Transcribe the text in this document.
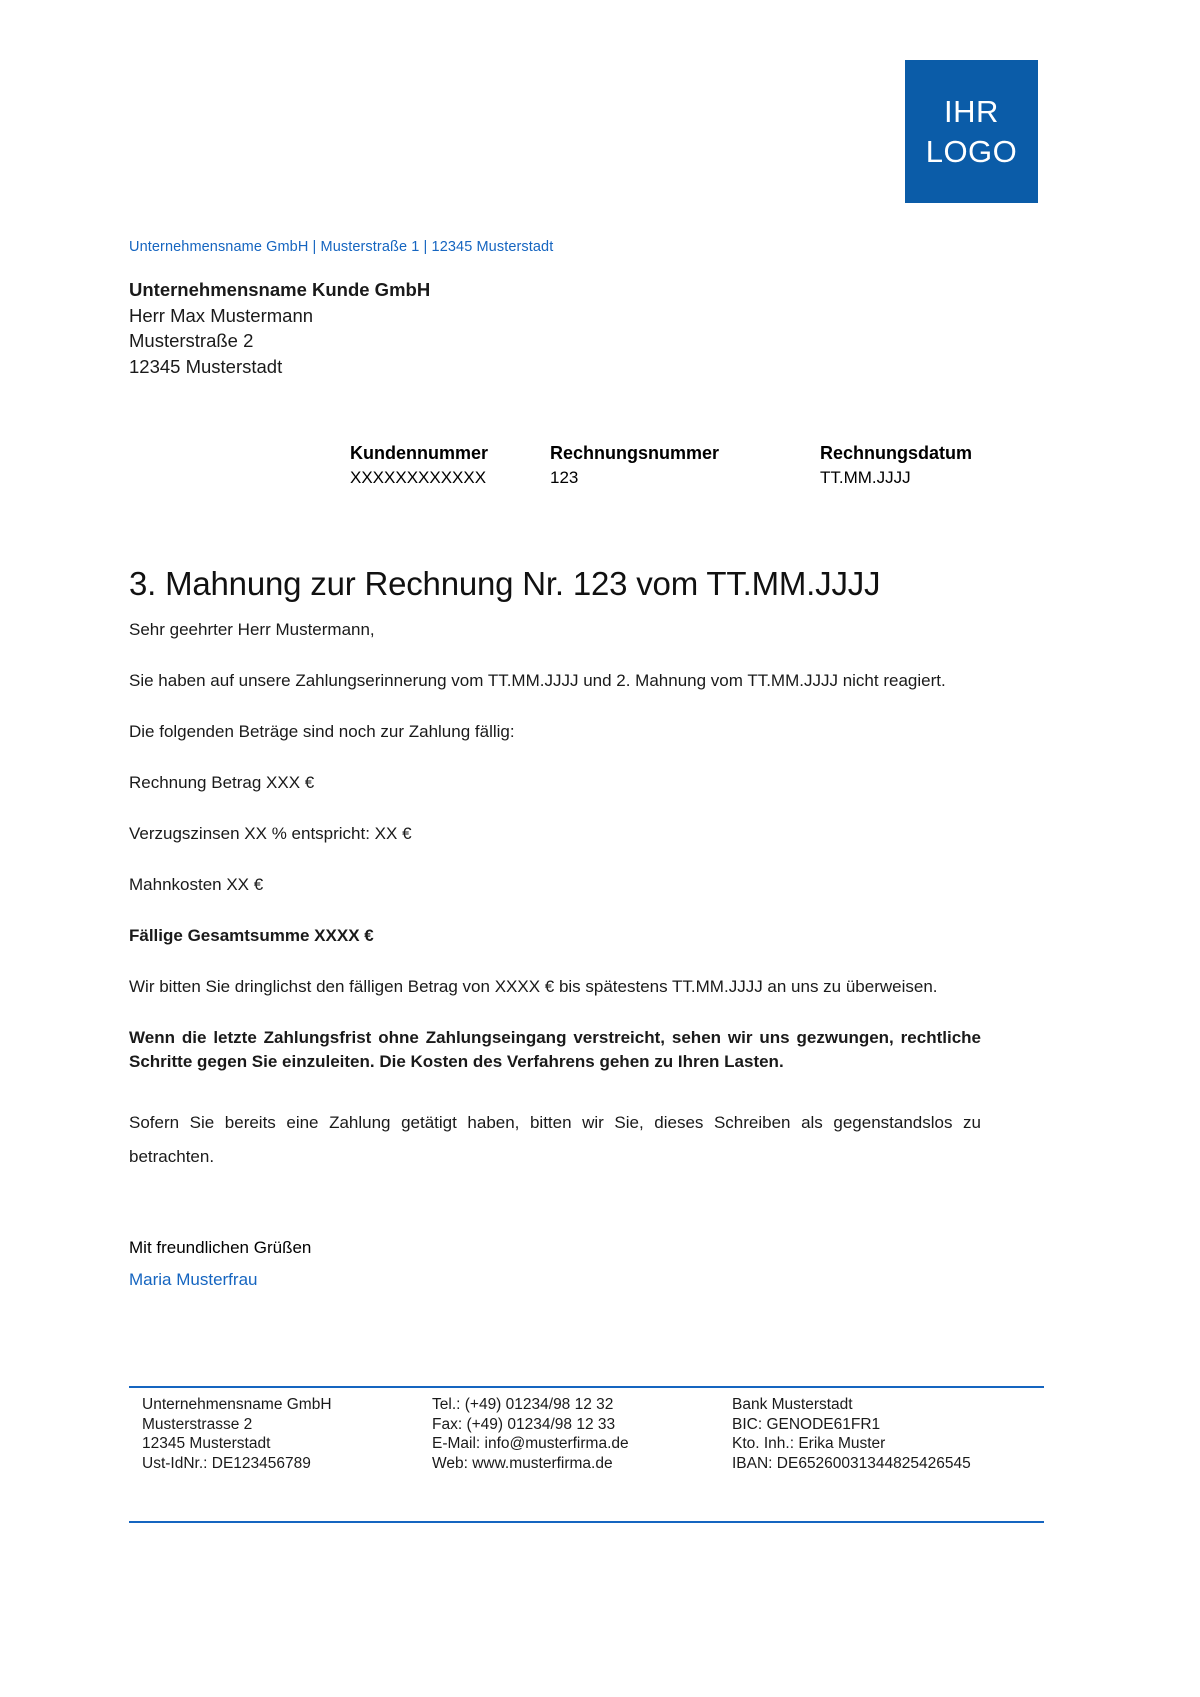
IHR
LOGO
Unternehmensname GmbH | Musterstraße 1 | 12345 Musterstadt
Unternehmensname Kunde GmbH
Herr Max Mustermann
Musterstraße 2
12345 Musterstadt
Kundennummer
XXXXXXXXXXXX
Rechnungsnummer
123
Rechnungsdatum
TT.MM.JJJJ
3. Mahnung zur Rechnung Nr. 123 vom TT.MM.JJJJ

Sehr geehrter Herr Mustermann,

Sie haben auf unsere Zahlungserinnerung vom TT.MM.JJJJ und 2. Mahnung vom TT.MM.JJJJ nicht reagiert.

Die folgenden Beträge sind noch zur Zahlung fällig:

Rechnung Betrag XXX €

Verzugszinsen XX % entspricht: XX €

Mahnkosten XX €

Fällige Gesamtsumme XXXX €

Wir bitten Sie dringlichst den fälligen Betrag von XXXX € bis spätestens TT.MM.JJJJ an uns zu überweisen.

Wenn die letzte Zahlungsfrist ohne Zahlungseingang verstreicht, sehen wir uns gezwungen, rechtliche Schritte gegen Sie einzuleiten. Die Kosten des Verfahrens gehen zu Ihren Lasten.

Sofern Sie bereits eine Zahlung getätigt haben, bitten wir Sie, dieses Schreiben als gegenstandslos zu betrachten.

Mit freundlichen Grüßen
Maria Musterfrau
Unternehmensname GmbH
Musterstrasse 2
12345 Musterstadt
Ust-IdNr.: DE123456789
Tel.: (+49) 01234/98 12 32
Fax: (+49) 01234/98 12 33
E-Mail: info@musterfirma.de
Web: www.musterfirma.de
Bank Musterstadt
BIC: GENODE61FR1
Kto. Inh.: Erika Muster
IBAN: DE65260031344825426545
